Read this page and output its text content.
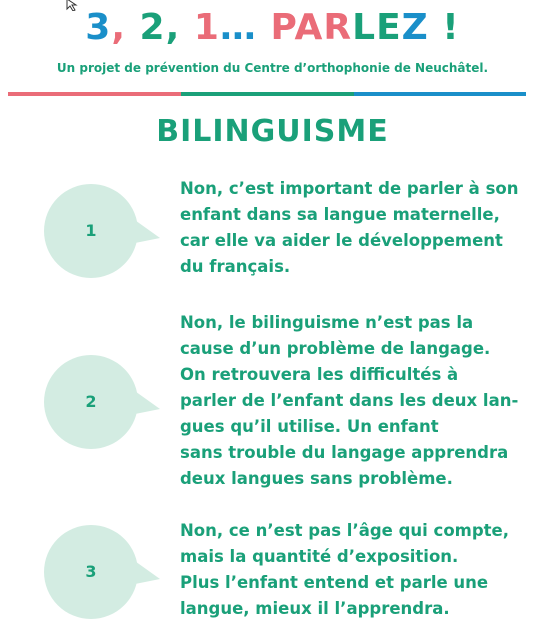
3, 2, 1… PARLEZ !
Un projet de prévention du Centre d’orthophonie de Neuchâtel.
BILINGUISME
1
Non, c’est important de parler à son
enfant dans sa langue maternelle,
car elle va aider le développement
du français.
2
Non, le bilinguisme n’est pas la
cause d’un problème de langage.
On retrouvera les difficultés à
parler de l’enfant dans les deux lan-
gues qu’il utilise. Un enfant
sans trouble du langage apprendra
deux langues sans problème.
3
Non, ce n’est pas l’âge qui compte,
mais la quantité d’exposition.
Plus l’enfant entend et parle une
langue, mieux il l’apprendra.
